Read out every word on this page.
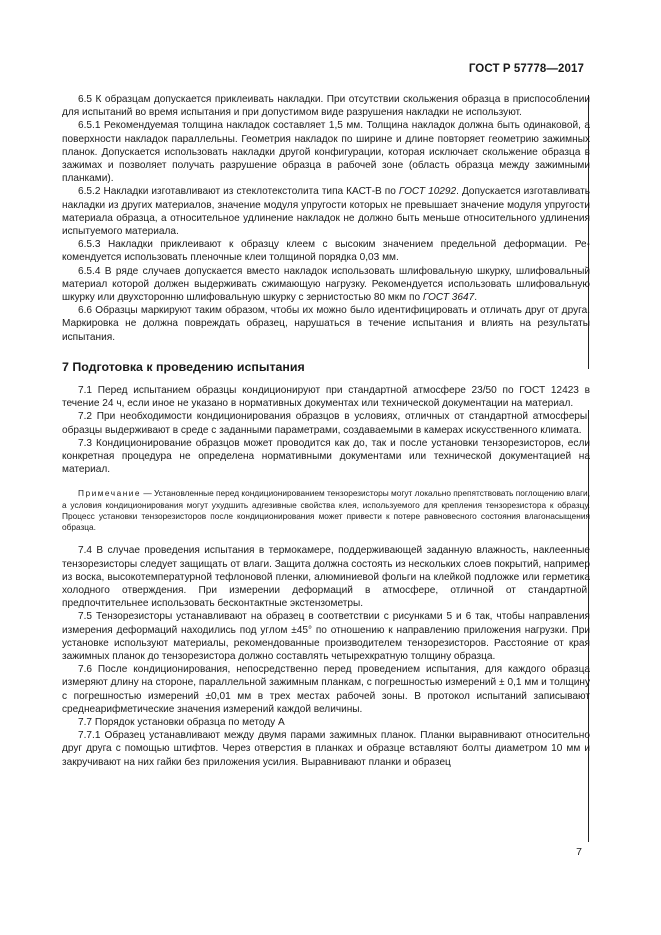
ГОСТ Р 57778—2017

6.5 К образцам допускается приклеивать накладки. При отсутствии скольжения образца в приспособлении для испытаний во время испытания и при допустимом виде разрушения накладки не используют.

6.5.1 Рекомендуемая толщина накладок составляет 1,5 мм. Толщина накладок должна быть одинаковой, а поверхности накладок параллельны. Геометрия накладок по ширине и длине повторяет геометрию зажимных планок. Допускается использовать накладки другой конфигурации, которая исключает скольжение образца в зажимах и позволяет получать разрушение образца в рабочей зоне (область образца между зажимными планками).

6.5.2 Накладки изготавливают из стеклотекстолита типа КАСТ-В по ГОСТ 10292. Допускается изготавливать накладки из других материалов, значение модуля упругости которых не превышает значение модуля упругости материала образца, а относительное удлинение накладок не должно быть меньше относительного удлинения испытуемого материала.

6.5.3 Накладки приклеивают к образцу клеем с высоким значением предельной деформации. Рекомендуется использовать пленочные клеи толщиной порядка 0,03 мм.

6.5.4 В ряде случаев допускается вместо накладок использовать шлифовальную шкурку, шлифовальный материал которой должен выдерживать сжимающую нагрузку. Рекомендуется использовать шлифовальную шкурку или двухсторонню шлифовальную шкурку с зернистостью 80 мкм по ГОСТ 3647.

6.6 Образцы маркируют таким образом, чтобы их можно было идентифицировать и отличать друг от друга. Маркировка не должна повреждать образец, нарушаться в течение испытания и влиять на результаты испытания.

7 Подготовка к проведению испытания

7.1 Перед испытанием образцы кондиционируют при стандартной атмосфере 23/50 по ГОСТ 12423 в течение 24 ч, если иное не указано в нормативных документах или технической документации на материал.

7.2 При необходимости кондиционирования образцов в условиях, отличных от стандартной атмосферы, образцы выдерживают в среде с заданными параметрами, создаваемыми в камерах искусственного климата.

7.3 Кондиционирование образцов может проводится как до, так и после установки тензорезисторов, если конкретная процедура не определена нормативными документами или технической документацией на материал.

Примечание — Установленные перед кондиционированием тензорезисторы могут локально препятствовать поглощению влаги, а условия кондиционирования могут ухудшить адгезивные свойства клея, используемого для крепления тензорезистора к образцу. Процесс установки тензорезисторов после кондиционирования может привести к потере равновесного состояния влагонасыщения образца.

7.4 В случае проведения испытания в термокамере, поддерживающей заданную влажность, наклеенные тензорезисторы следует защищать от влаги. Защита должна состоять из нескольких слоев покрытий, например из воска, высокотемпературной тефлоновой пленки, алюминиевой фольги на клейкой подложке или герметика холодного отверждения. При измерении деформаций в атмосфере, отличной от стандартной, предпочтительнее использовать бесконтактные экстензометры.

7.5 Тензорезисторы устанавливают на образец в соответствии с рисунками 5 и 6 так, чтобы направления измерения деформаций находились под углом ±45° по отношению к направлению приложения нагрузки. При установке используют материалы, рекомендованные производителем тензорезисторов. Расстояние от края зажимных планок до тензорезистора должно составлять четырехкратную толщину образца.

7.6 После кондиционирования, непосредственно перед проведением испытания, для каждого образца измеряют длину на стороне, параллельной зажимным планкам, с погрешностью измерений ± 0,1 мм и толщину с погрешностью измерений ±0,01 мм в трех местах рабочей зоны. В протокол испытаний записывают среднеарифметические значения измерений каждой величины.

7.7 Порядок установки образца по методу А

7.7.1 Образец устанавливают между двумя парами зажимных планок. Планки выравнивают относительно друг друга с помощью штифтов. Через отверстия в планках и образце вставляют болты диаметром 10 мм и закручивают на них гайки без приложения усилия. Выравнивают планки и образец

7
